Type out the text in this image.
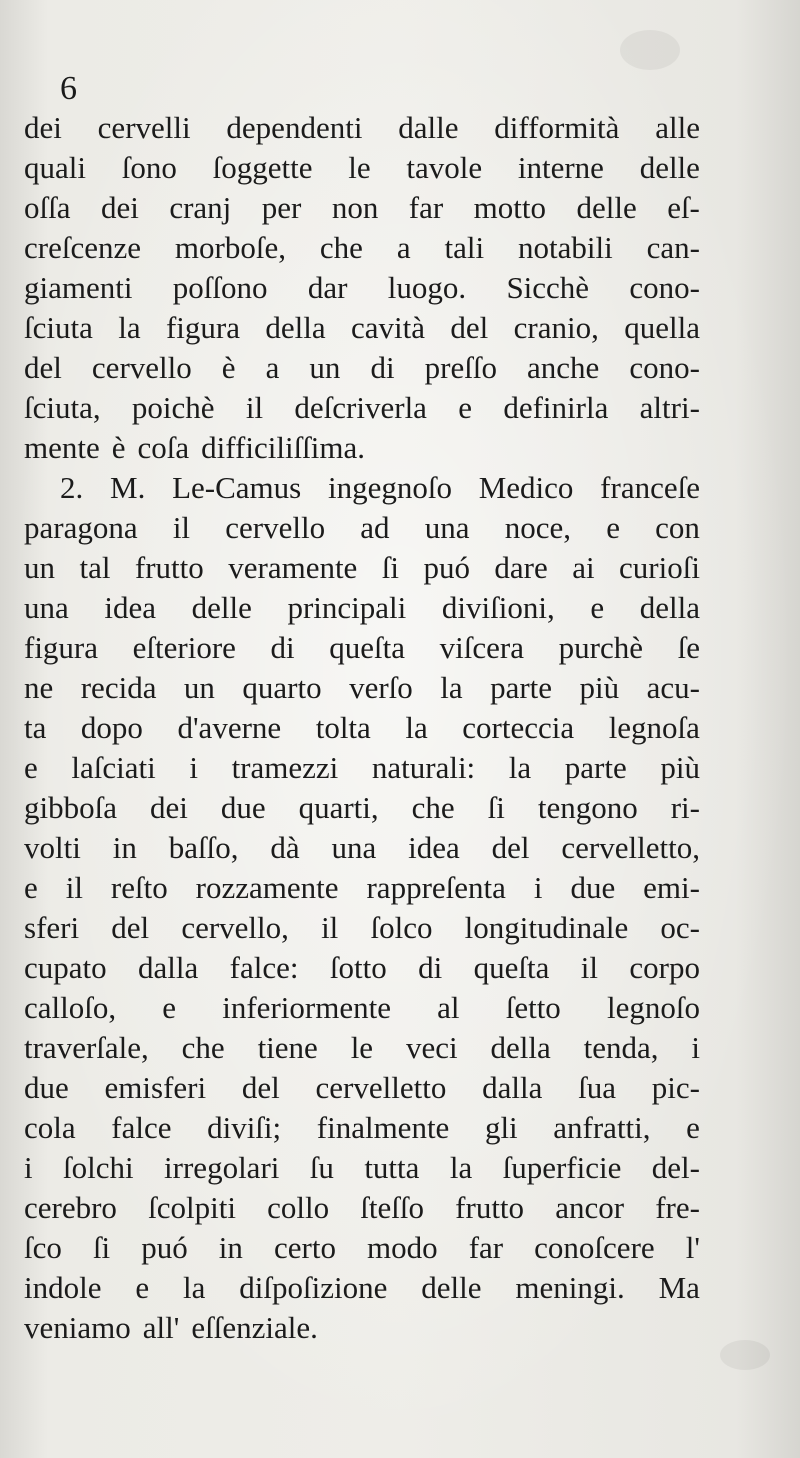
6
dei cervelli dependenti dalle difformità alle
quali ſono ſoggette le tavole interne delle
oſſa dei cranj per non far motto delle eſ-
creſcenze morboſe, che a tali notabili can-
giamenti poſſono dar luogo. Sicchè cono-
ſciuta la figura della cavità del cranio, quella
del cervello è a un di preſſo anche cono-
ſciuta, poichè il deſcriverla e definirla altri-
mente è coſa difficiliſſima.
2. M. Le-Camus ingegnoſo Medico franceſe
paragona il cervello ad una noce, e con
un tal frutto veramente ſi puó dare ai curioſi
una idea delle principali diviſioni, e della
figura eſteriore di queſta viſcera purchè ſe
ne recida un quarto verſo la parte più acu-
ta dopo d'averne tolta la corteccia legnoſa
e laſciati i tramezzi naturali: la parte più
gibboſa dei due quarti, che ſi tengono ri-
volti in baſſo, dà una idea del cervelletto,
e il reſto rozzamente rappreſenta i due emi-
sferi del cervello, il ſolco longitudinale oc-
cupato dalla falce: ſotto di queſta il corpo
calloſo, e inferiormente al ſetto legnoſo
traverſale, che tiene le veci della tenda, i
due emisferi del cervelletto dalla ſua pic-
cola falce diviſi; finalmente gli anfratti, e
i ſolchi irregolari ſu tutta la ſuperficie del-
cerebro ſcolpiti collo ſteſſo frutto ancor fre-
ſco ſi puó in certo modo far conoſcere l'
indole e la diſpoſizione delle meningi. Ma
veniamo all' eſſenziale.
